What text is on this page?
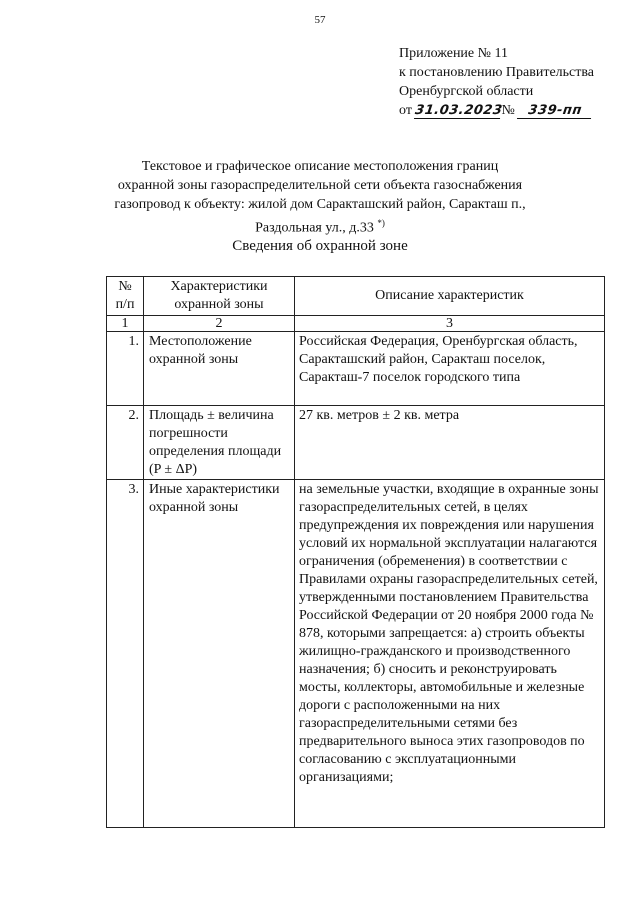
57
Приложение № 11
к постановлению Правительства
Оренбургской области
от 31.03.2023№ 339-пп
Текстовое и графическое описание местоположения границ
охранной зоны газораспределительной сети объекта газоснабжения
газопровод к объекту: жилой дом Саракташский район, Саракташ п.,
Раздольная ул., д.33 *)
Сведения об охранной зоне
№ п/п	Характеристики охранной зоны	Описание характеристик
1	2	3
1.	Местоположение охранной зоны	Российская Федерация, Оренбургская область, Саракташский район, Саракташ поселок, Саракташ-7 поселок городского типа
2.	Площадь ± величина погрешности определения площади (P ± ΔP)	27 кв. метров ± 2 кв. метра
3.	Иные характеристики охранной зоны	на земельные участки, входящие в охранные зоны газораспределительных сетей, в целях предупреждения их повреждения или нарушения условий их нормальной эксплуатации налагаются ограничения (обременения) в соответствии с Правилами охраны газораспределительных сетей, утвержденными постановлением Правительства Российской Федерации от 20 ноября 2000 года № 878, которыми запрещается: а) строить объекты жилищно-гражданского и производственного назначения; б) сносить и реконструировать мосты, коллекторы, автомобильные и железные дороги с расположенными на них газораспределительными сетями без предварительного выноса этих газопроводов по согласованию с эксплуатационными организациями;
